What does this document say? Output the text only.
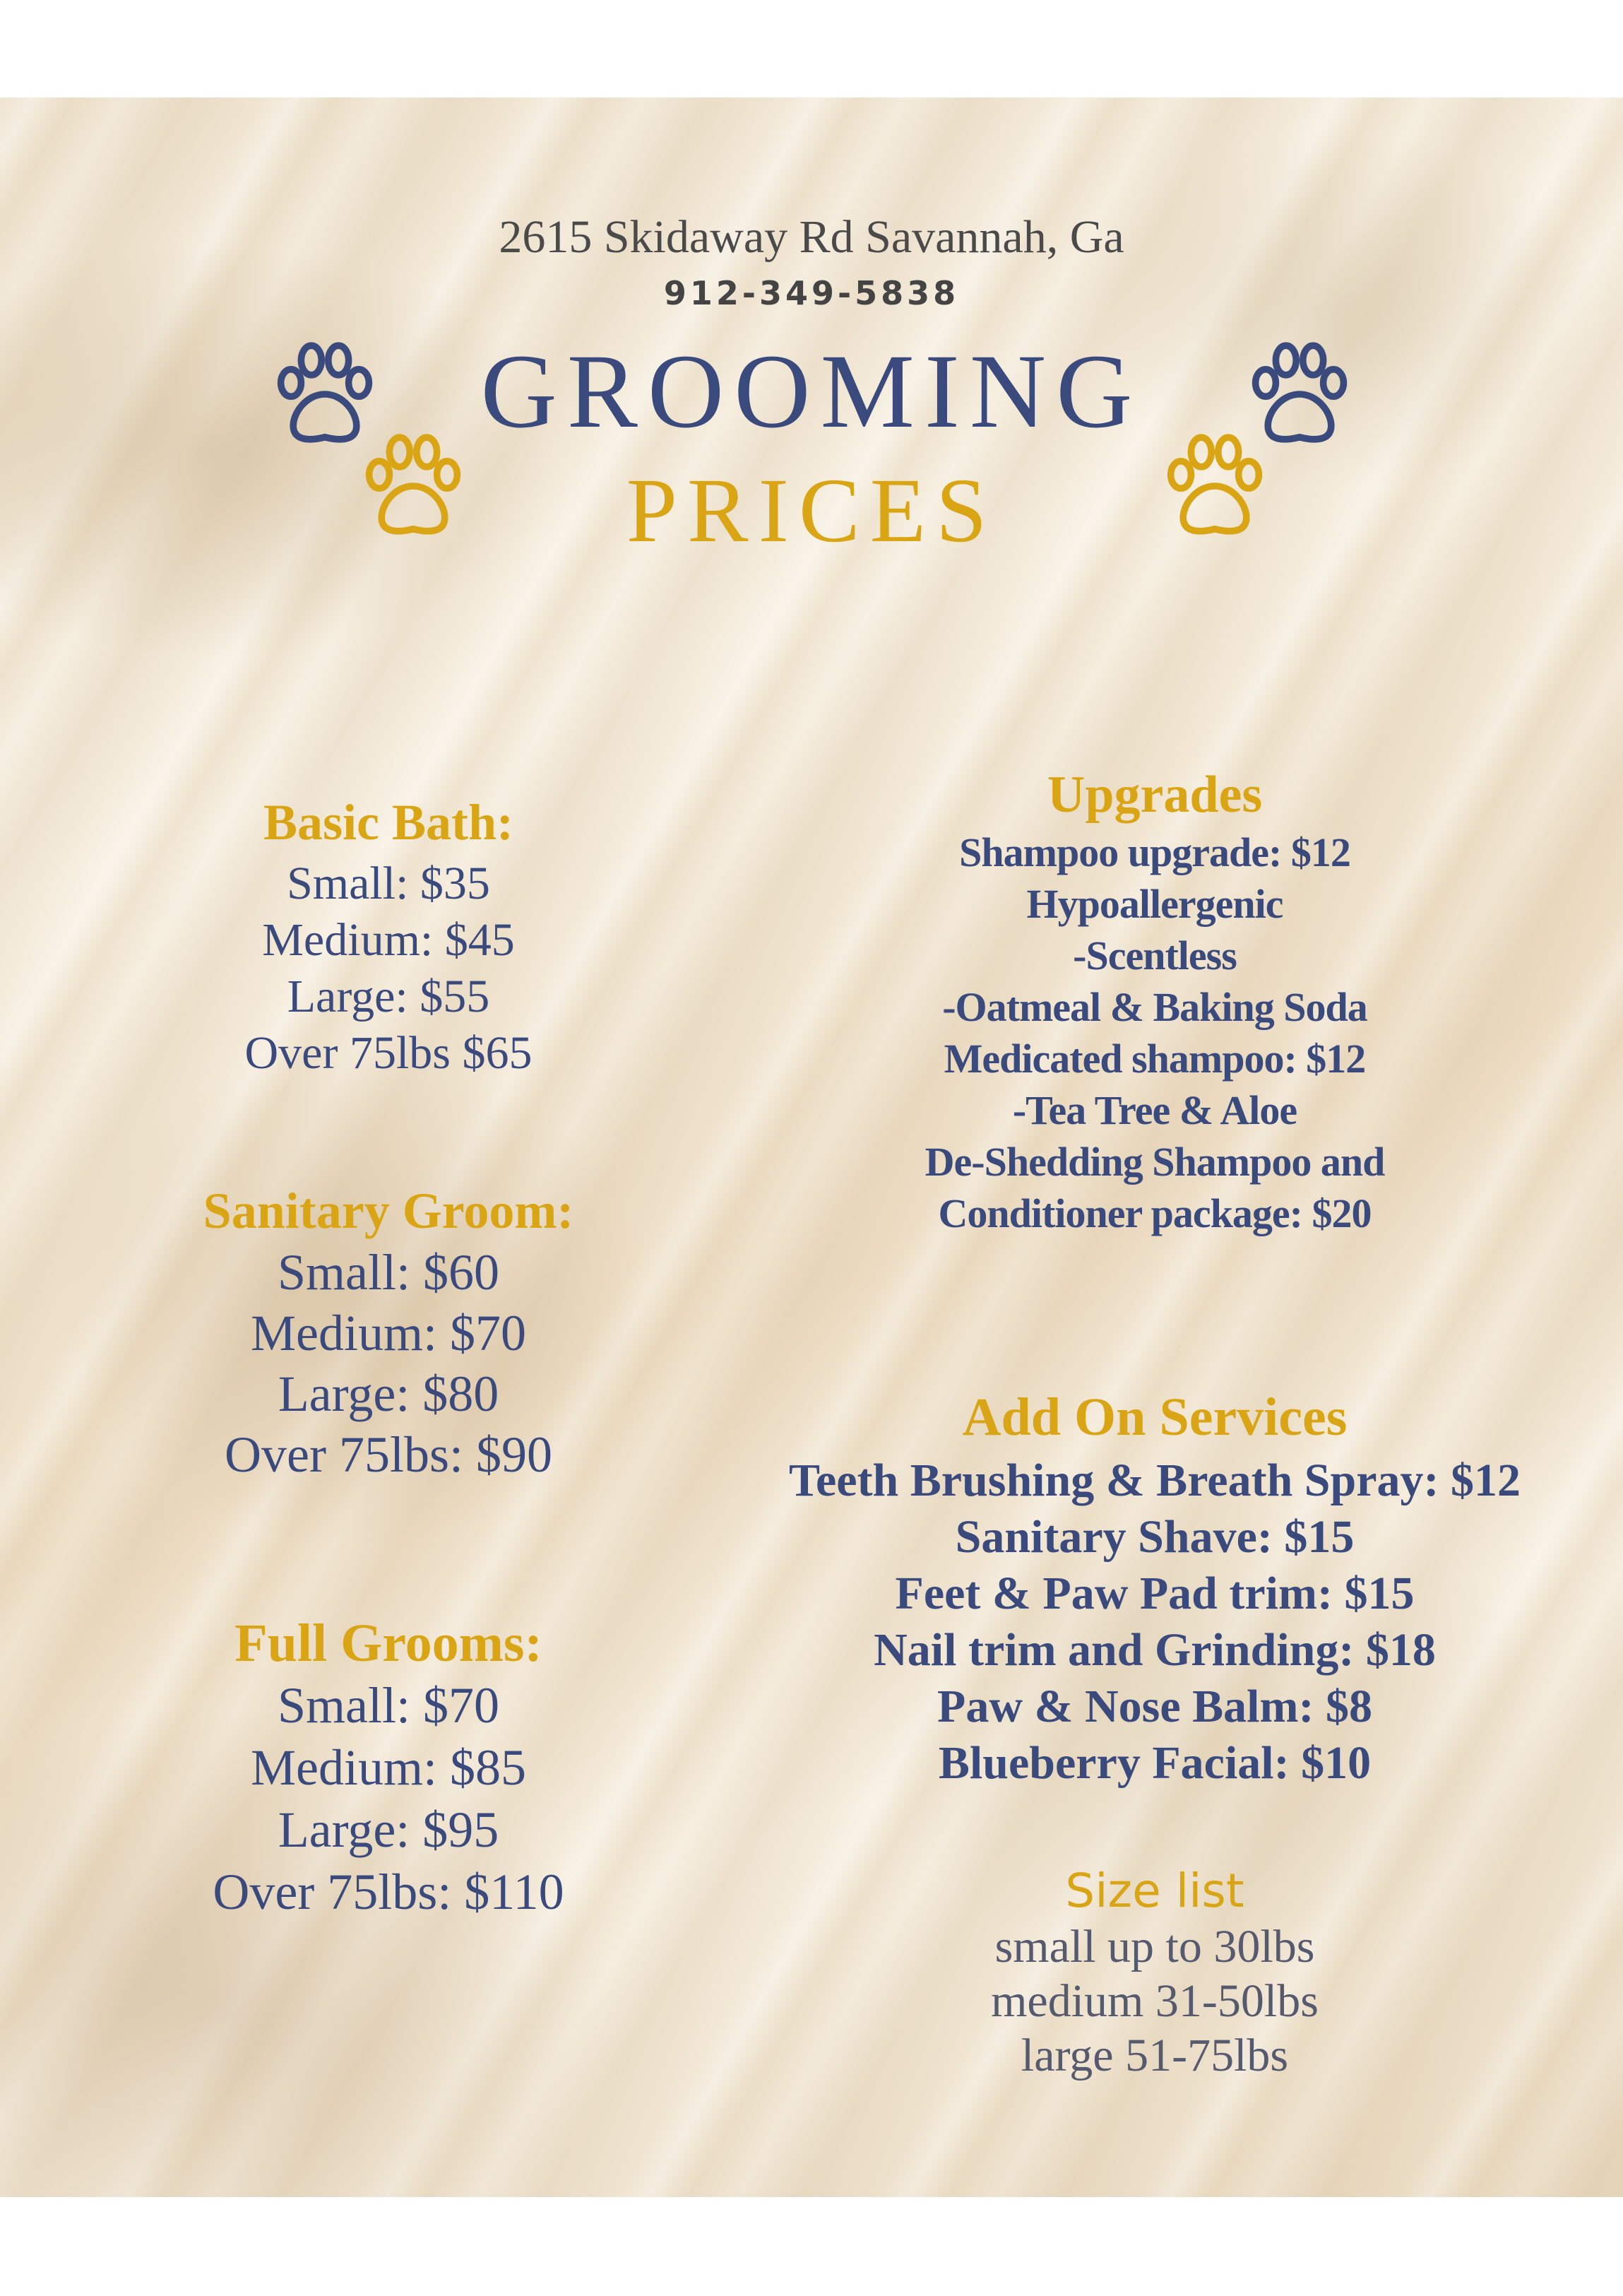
2615 Skidaway Rd Savannah, Ga
912-349-5838
GROOMING
PRICES
Basic Bath:
Small: $35
Medium: $45
Large: $55
Over 75lbs $65
Sanitary Groom:
Small: $60
Medium: $70
Large: $80
Over 75lbs: $90
Full Grooms:
Small: $70
Medium: $85
Large: $95
Over 75lbs: $110
Upgrades
Shampoo upgrade: $12
Hypoallergenic
-Scentless
-Oatmeal & Baking Soda
Medicated shampoo: $12
-Tea Tree & Aloe
De-Shedding Shampoo and
Conditioner package: $20
Add On Services
Teeth Brushing & Breath Spray: $12
Sanitary Shave: $15
Feet & Paw Pad trim: $15
Nail trim and Grinding: $18
Paw & Nose Balm: $8
Blueberry Facial: $10
Size list
small up to 30lbs
medium 31-50lbs
large 51-75lbs
